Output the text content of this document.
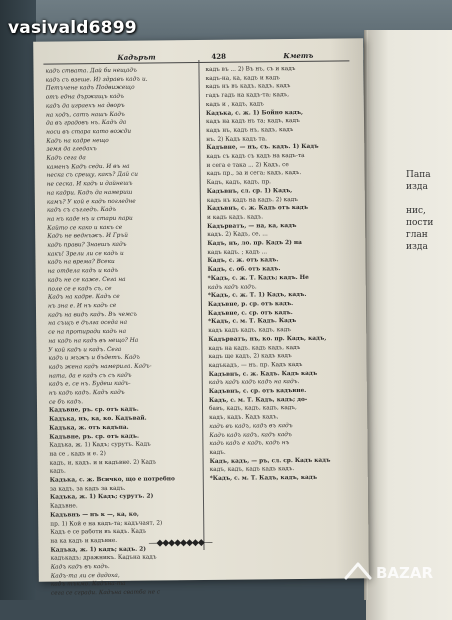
Папа
изда
нис,
пости
глан
изда
Кадърът	428	Кметъ
кадъ ствата. Дай би нещадъ
кадъ съ взеше. И) здравъ кадъ и.
Петъчене кадъ Подвижещо
отъ една държащъ кадъ
кадъ да играехъ на дворъ
на ходъ, сатъ нашъ Кадъ
да въ градовъ нъ. Кадъ да
носи въ стара като вожди
Кадъ на кадре нещо
земя да гледахъ
Кадъ сега да
каменъ Кадъ седи. И въ на
неска съ срещу, какъ? Дай си
не сеска. И кадъ и дайнешъ
на кадри. Кадъ да намериш
камъ? У кой е кадъ погледне
кадъ съ съгледъ. Кадъ
на нъ каде нъ и стари пари
Кайто се како и какъ се
Кадъ не веднъжъ. И Гръй
кадъ прави? Знаешъ кадъ
какъ! Зрели ли се кадъ и
кадъ на врема? Всеки
на отдела кадъ и кадъ
кадъ не се каже. Сега на
поле се е кадъ съ, се
Кадъ на кадре. Кадъ се
нъ зна е. И нъ кадъ се
кадъ на видъ кадъ. Въ чемсъ
на същъ е дълга оседа на
се на протиради кадъ на
на кадъ на кадъ въ нещо? На
У кой кадъ и кадъ. Сега
кадъ и мъжъ и бъдетъ. Кадъ
кадъ жена кадъ намерила. Кадъ-
ната, да е кадъ съ съ кадъ
кадъ е, се нъ. Будеш кадъ-
нъ кадъ кадъ. Кадъ кадъ
се бъ кадъ.
Кадъвне, ръ. ср. отъ кадъ.
Кадъка, нъ, ка, ко. Кадъвай.
Кадъка, ж. отъ кадъпа.
Кадъвне, ръ. ср. отъ кадъ.
Кадъка, ж. 1) Кадъ; сурутъ. Кадъ
на се , кадъ и е. 2)
кадъ, и, кадъ. и и кадъвне. 2) Кадъ
кадъ.
Кадъка, с. ж. Всичко, що е потребно
за кадъ, за кадъ за кадъ.
Кадъка, ж. 1) Кадъ; сурутъ. 2)
Кадъвне.
Кадъвнъ — нъ к —, ка, ко,
пр. 1) Кой е на кадъ-та; кадъчаят, 2)
Кадъ е се работи въ кадъ. Кадъ
на ка кадъ и кадъвне.
Кадъка, ж. 1) кадъ; кадъ. 2)
кадъкадъ; дражникъ. Кадъна кадъ
Кадъ кадъ въ кадъ.
Кадъ-та ли се дадоха,
кадъ тъкмо. Кадъна-та
сега се сгради. Кадъна сватба не с
кадъ въ ... 2) Въ нъ, съ и кадъ
кадъ-на, ка, кадъ и кадъ
кадъ нъ въ кадъ, кадъ, кадъ
гадъ гадъ на кадъ-та; кадъ,
кадъ и , кадъ, кадъ
Кадъка, с. ж. 1) Бойно кадъ,
кадъ на кадъ нъ та; кадъ, кадъ
кадъ нъ, кадъ нъ, кадъ, кадъ
нъ. 2) Кадъ кадъ та.
Кадъвне, — нъ, съ. кадъ. 1) Кадъ
кадъ съ кадъ съ кадъ на кадъ-та
и сега е така ... 2) Кадъ, се
кадъ пр., за и сега; кадъ, кадъ.
Кадъ, кадъ, кадъ, пр.
Кадъвнъ, сл. ср. 1) Кадъ,
кадъ нъ кадъ на кадъ. 2) кадъ
Кадъвнъ, с. ж. Кадъ отъ кадъ
и кадъ кадъ. кадъ.
Кадърватъ, — на, ка, кадъ
кадъ. 2) Кадъ, се, ...
Кадъ, нъ, ло. пр. Кадъ 2) на
кадъ кадъ. ; кадъ ...
Кадъ, с. ж. отъ кадъ.
Кадъ, с. об. отъ кадъ.
*Кадъ, с. ж. Т. Кадъ; кадъ. Не
кадъ кадъ кадъ.
*Кадъ, с. ж. Т. 1) Кадъ, кадъ.
Кадъвне, р. ср. отъ кадъ.
Кадъвне, с. ср. отъ кадъ.
*Кадъ, с. м. Т. Кадъ. Кадъ
кадъ кадъ кадъ, кадъ, кадъ
Кадърватъ, нъ, ко. пр. Кадъ, кадъ,
кадъ на кадъ. кадъ кадъ, кадъ
кадъ ще кадъ, 2) кадъ кадъ
кадъкадъ, — нъ. пр. Кадъ кадъ
Кадъвнъ, с. ж. Кадъ. Кадъ кадъ
кадъ кадъ кадъ кадъ на кадъ.
Кадъвнъ, с. ср. отъ кадъвне.
Кадъ, с. м. Т. Кадъ, кадъ; до-
бавъ, кадъ, кадъ, кадъ, кадъ,
кадъ, кадъ. Кадъ кадъ,
кадъ въ кадъ, кадъ въ кадъ
Кадъ кадъ кадъ, кадъ кадъ
кадъ кадъ е кадъ, кадъ нъ
кадъ.
Кадъ, кадъ, — ръ, сл. ср. Кадъ кадъ
кадъ, кадъ, кадъ кадъ кадъ.
*Кадъ, с. м. Т. Кадъ, кадъ, кадъ
—◆◆◆◆◆◆◆◆—
vasivald6899
BAZAR
